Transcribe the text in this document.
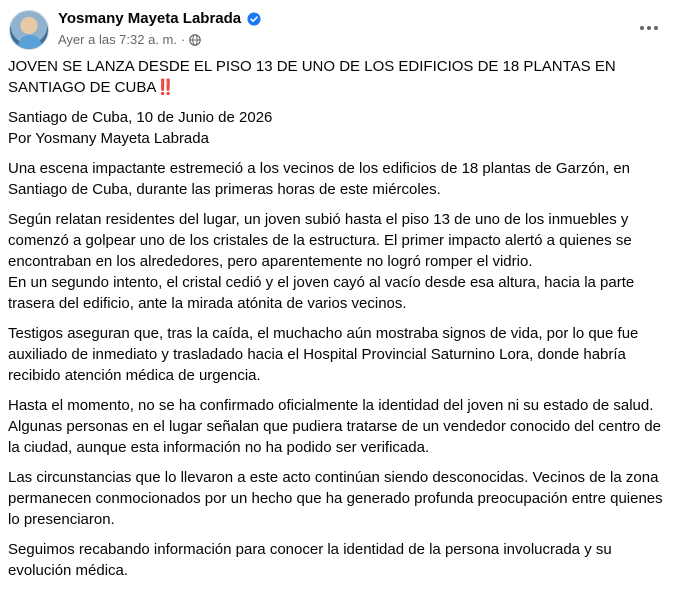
Yosmany Mayeta Labrada
Ayer a las 7:32 a. m. ·

JOVEN SE LANZA DESDE EL PISO 13 DE UNO DE LOS EDIFICIOS DE 18 PLANTAS EN SANTIAGO DE CUBA‼️

Santiago de Cuba, 10 de Junio de 2026

Por Yosmany Mayeta Labrada

Una escena impactante estremeció a los vecinos de los edificios de 18 plantas de Garzón, en Santiago de Cuba, durante las primeras horas de este miércoles.

Según relatan residentes del lugar, un joven subió hasta el piso 13 de uno de los inmuebles y comenzó a golpear uno de los cristales de la estructura. El primer impacto alertó a quienes se encontraban en los alrededores, pero aparentemente no logró romper el vidrio.

En un segundo intento, el cristal cedió y el joven cayó al vacío desde esa altura, hacia la parte trasera del edificio, ante la mirada atónita de varios vecinos.

Testigos aseguran que, tras la caída, el muchacho aún mostraba signos de vida, por lo que fue auxiliado de inmediato y trasladado hacia el Hospital Provincial Saturnino Lora, donde habría recibido atención médica de urgencia.

Hasta el momento, no se ha confirmado oficialmente la identidad del joven ni su estado de salud. Algunas personas en el lugar señalan que pudiera tratarse de un vendedor conocido del centro de la ciudad, aunque esta información no ha podido ser verificada.

Las circunstancias que lo llevaron a este acto continúan siendo desconocidas. Vecinos de la zona permanecen conmocionados por un hecho que ha generado profunda preocupación entre quienes lo presenciaron.

Seguimos recabando información para conocer la identidad de la persona involucrada y su evolución médica.
